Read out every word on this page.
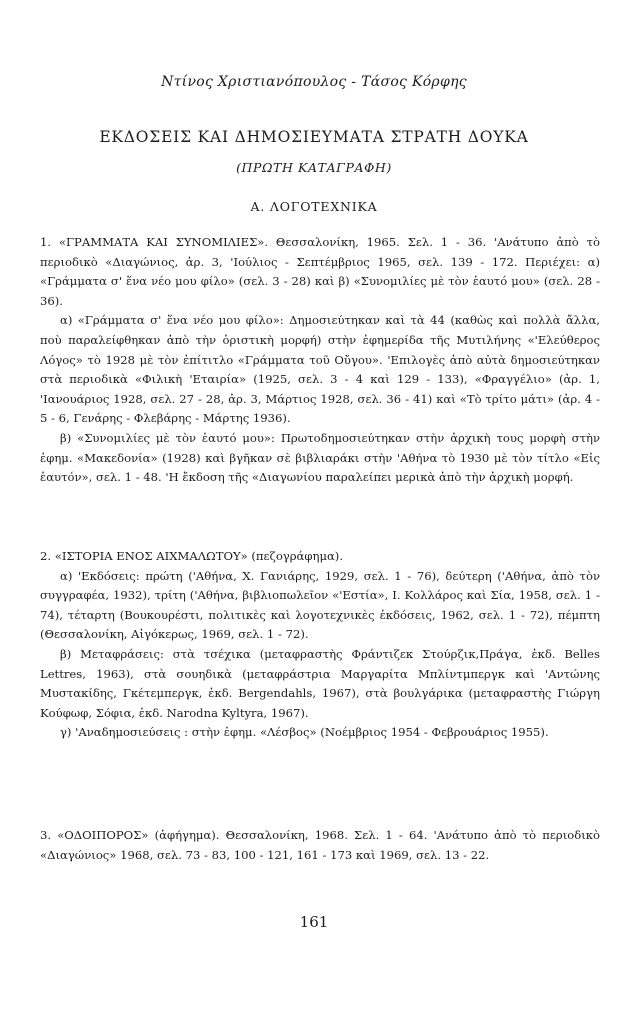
Ντίνος Χριστιανόπουλος - Τάσος Κόρφης
ΕΚΔΟΣΕΙΣ ΚΑΙ ΔΗΜΟΣΙΕΥΜΑΤΑ ΣΤΡΑΤΗ ΔΟΥΚΑ
(ΠΡΩΤΗ ΚΑΤΑΓΡΑΦΗ)
Α. ΛΟΓΟΤΕΧΝΙΚΑ

1. «ΓΡΑΜΜΑΤΑ ΚΑΙ ΣΥΝΟΜΙΛΙΕΣ». Θεσσαλονίκη, 1965. Σελ. 1 - 36. 'Ανάτυπο ἀπὸ τὸ περιοδικὸ «Διαγώνιος, ἀρ. 3, 'Ιούλιος - Σεπτέμβριος 1965, σελ. 139 - 172. Περιέχει: α) «Γράμματα σ' ἕνα νέο μου φίλο» (σελ. 3 - 28) καὶ β) «Συνομιλίες μὲ τὸν ἑαυτό μου» (σελ. 28 - 36).

α) «Γράμματα σ' ἕνα νέο μου φίλο»: Δημοσιεύτηκαν καὶ τὰ 44 (καθὼς καὶ πολλὰ ἄλλα, ποὺ παραλείφθηκαν ἀπὸ τὴν ὁριστικὴ μορφή) στὴν ἐφημερίδα τῆς Μυτιλήνης «'Ελεύθερος Λόγος» τὸ 1928 μὲ τὸν ἐπίτιτλο «Γράμματα τοῦ Οὔγου». 'Επιλογὲς ἀπὸ αὐτὰ δημοσιεύτηκαν στὰ περιοδικὰ «Φιλικὴ 'Εταιρία» (1925, σελ. 3 - 4 καὶ 129 - 133), «Φραγγέλιο» (ἀρ. 1, 'Ιανουάριος 1928, σελ. 27 - 28, ἀρ. 3, Μάρτιος 1928, σελ. 36 - 41) καὶ «Τὸ τρίτο μάτι» (ἀρ. 4 - 5 - 6, Γενάρης - Φλεβάρης - Μάρτης 1936).

β) «Συνομιλίες μὲ τὸν ἑαυτό μου»: Πρωτοδημοσιεύτηκαν στὴν ἀρχικὴ τους μορφὴ στὴν ἐφημ. «Μακεδονία» (1928) καὶ βγῆκαν σὲ βιβλιαράκι στὴν 'Αθήνα τὸ 1930 μὲ τὸν τίτλο «Εἰς ἑαυτόν», σελ. 1 - 48. 'Η ἔκδοση τῆς «Διαγωνίου παραλείπει μερικὰ ἀπὸ τὴν ἀρχικὴ μορφή.

2. «ΙΣΤΟΡΙΑ ΕΝΟΣ ΑΙΧΜΑΛΩΤΟΥ» (πεζογράφημα).

α) 'Εκδόσεις: πρώτη ('Αθήνα, Χ. Γανιάρης, 1929, σελ. 1 - 76), δεύτερη ('Αθήνα, ἀπὸ τὸν συγγραφέα, 1932), τρίτη ('Αθήνα, βιβλιοπωλεῖον «'Εστία», Ι. Κολλάρος καὶ Σία, 1958, σελ. 1 - 74), τέταρτη (Βουκουρέστι, πολιτικὲς καὶ λογοτεχνικὲς ἐκδόσεις, 1962, σελ. 1 - 72), πέμπτη (Θεσσαλονίκη, Αἰγόκερως, 1969, σελ. 1 - 72).

β) Μεταφράσεις: στὰ τσέχικα (μεταφραστὴς Φράντιζεκ Στούρζικ,Πράγα, ἐκδ. Belles Lettres, 1963), στὰ σουηδικὰ (μεταφράστρια Μαργαρίτα Μπλίντμπεργκ καὶ 'Αντώνης Μυστακίδης, Γκέτεμπεργκ, ἐκδ. Bergendahls, 1967), στὰ βουλγάρικα (μεταφραστὴς Γιώργη Κούφωφ, Σόφια, ἐκδ. Narodna Kyltyra, 1967).

γ) 'Αναδημοσιεύσεις : στὴν ἐφημ. «Λέσβος» (Νοέμβριος 1954 - Φεβρουάριος 1955).

3. «ΟΔΟΙΠΟΡΟΣ» (ἀφήγημα). Θεσσαλονίκη, 1968. Σελ. 1 - 64. 'Ανάτυπο ἀπὸ τὸ περιοδικὸ «Διαγώνιος» 1968, σελ. 73 - 83, 100 - 121, 161 - 173 καὶ 1969, σελ. 13 - 22.

161
